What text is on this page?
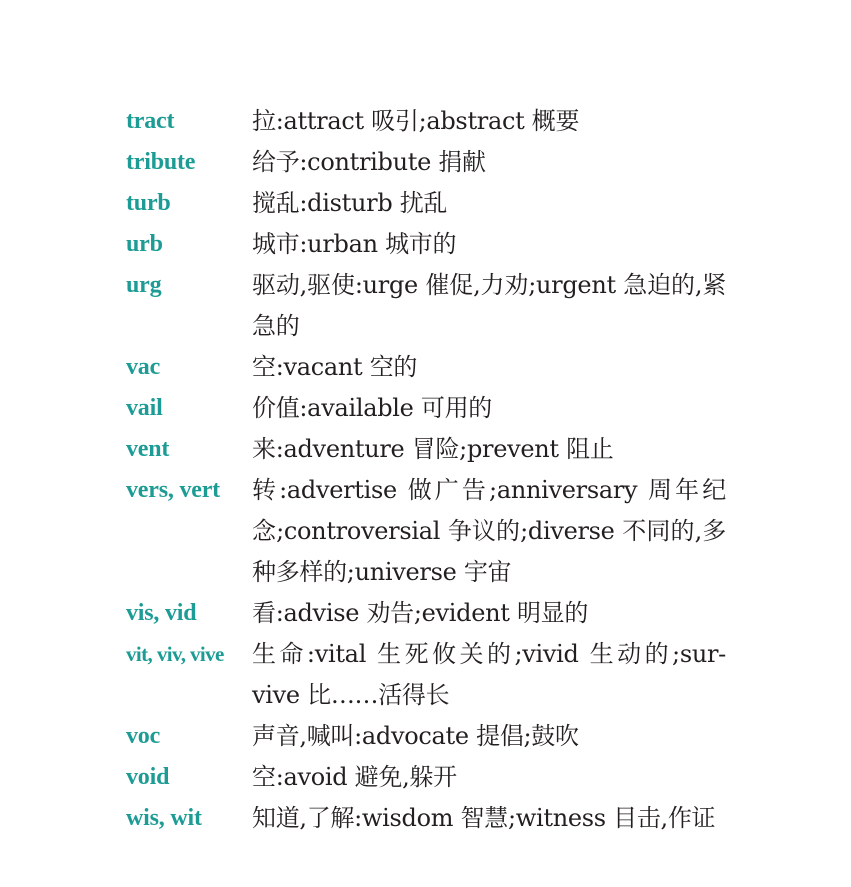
tract	拉:attract 吸引;abstract 概要
tribute	给予:contribute 捐献
turb	搅乱:disturb 扰乱
urb	城市:urban 城市的
urg	驱动,驱使:urge 催促,力劝;urgent 急迫的,紧急的
vac	空:vacant 空的
vail	价值:available 可用的
vent	来:adventure 冒险;prevent 阻止
vers, vert	转:advertise 做广告;anniversary 周年纪念;controversial 争议的;diverse 不同的,多种多样的;universe 宇宙
vis, vid	看:advise 劝告;evident 明显的
vit, viv, vive	生命:vital 生死攸关的;vivid 生动的;sur-vive 比……活得长
voc	声音,喊叫:advocate 提倡;鼓吹
void	空:avoid 避免,躲开
wis, wit	知道,了解:wisdom 智慧;witness 目击,作证
